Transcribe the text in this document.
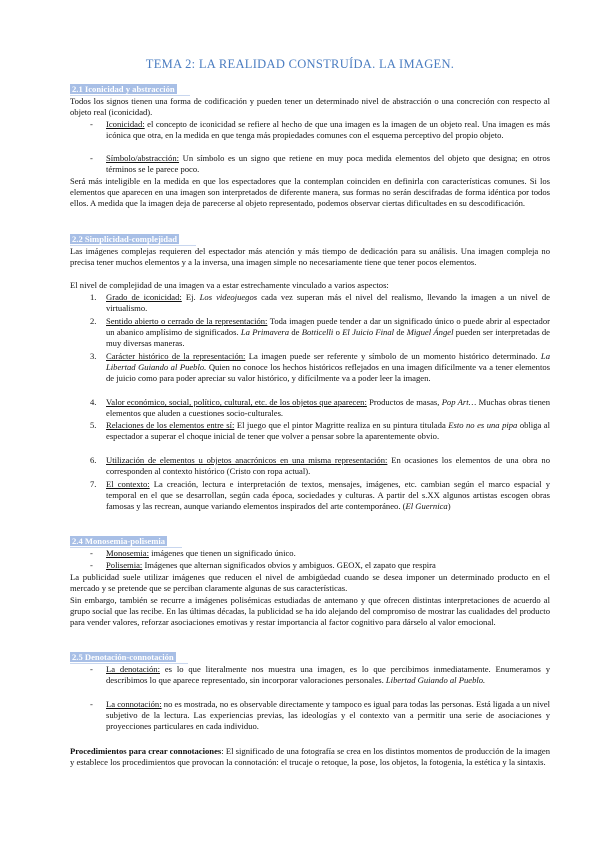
TEMA 2: LA REALIDAD CONSTRUÍDA. LA IMAGEN.
2.1 Iconicidad y abstracción
Todos los signos tienen una forma de codificación y pueden tener un determinado nivel de abstracción o una concreción con respecto al objeto real (iconicidad).
- Iconicidad: el concepto de iconicidad se refiere al hecho de que una imagen es la imagen de un objeto real. Una imagen es más icónica que otra, en la medida en que tenga más propiedades comunes con el esquema perceptivo del propio objeto.
- Símbolo/abstracción: Un símbolo es un signo que retiene en muy poca medida elementos del objeto que designa; en otros términos se le parece poco.
Será más inteligible en la medida en que los espectadores que la contemplan coinciden en definirla con características comunes. Si los elementos que aparecen en una imagen son interpretados de diferente manera, sus formas no serán descifradas de forma idéntica por todos ellos. A medida que la imagen deja de parecerse al objeto representado, podemos observar ciertas dificultades en su descodificación.
2.2 Simplicidad-complejidad
Las imágenes complejas requieren del espectador más atención y más tiempo de dedicación para su análisis. Una imagen compleja no precisa tener muchos elementos y a la inversa, una imagen simple no necesariamente tiene que tener pocos elementos.
El nivel de complejidad de una imagen va a estar estrechamente vinculado a varios aspectos:
1. Grado de iconicidad: Ej. Los videojuegos cada vez superan más el nivel del realismo, llevando la imagen a un nivel de virtualismo.
2. Sentido abierto o cerrado de la representación: Toda imagen puede tender a dar un significado único o puede abrir al espectador un abanico amplísimo de significados. La Primavera de Botticelli o El Juicio Final de Miguel Ángel pueden ser interpretadas de muy diversas maneras.
3. Carácter histórico de la representación: La imagen puede ser referente y símbolo de un momento histórico determinado. La Libertad Guiando al Pueblo. Quien no conoce los hechos históricos reflejados en una imagen difícilmente va a tener elementos de juicio como para poder apreciar su valor histórico, y difícilmente va a poder leer la imagen.
4. Valor económico, social, político, cultural, etc. de los objetos que aparecen: Productos de masas, Pop Art… Muchas obras tienen elementos que aluden a cuestiones socio-culturales.
5. Relaciones de los elementos entre sí: El juego que el pintor Magritte realiza en su pintura titulada Esto no es una pipa obliga al espectador a superar el choque inicial de tener que volver a pensar sobre la aparentemente obvio.
6. Utilización de elementos u objetos anacrónicos en una misma representación: En ocasiones los elementos de una obra no corresponden al contexto histórico (Cristo con ropa actual).
7. El contexto: La creación, lectura e interpretación de textos, mensajes, imágenes, etc. cambian según el marco espacial y temporal en el que se desarrollan, según cada época, sociedades y culturas. A partir del s.XX algunos artistas escogen obras famosas y las recrean, aunque variando elementos inspirados del arte contemporáneo. (El Guernica)
2.4 Monosemia-polisemia
- Monosemia: imágenes que tienen un significado único.
- Polisemia: Imágenes que alternan significados obvios y ambiguos. GEOX, el zapato que respira
La publicidad suele utilizar imágenes que reducen el nivel de ambigüedad cuando se desea imponer un determinado producto en el mercado y se pretende que se perciban claramente algunas de sus características.
Sin embargo, también se recurre a imágenes polisémicas estudiadas de antemano y que ofrecen distintas interpretaciones de acuerdo al grupo social que las recibe. En las últimas décadas, la publicidad se ha ido alejando del compromiso de mostrar las cualidades del producto para vender valores, reforzar asociaciones emotivas y restar importancia al factor cognitivo para dárselo al valor emocional.
2.5 Denotación-connotación
- La denotación: es lo que literalmente nos muestra una imagen, es lo que percibimos inmediatamente. Enumeramos y describimos lo que aparece representado, sin incorporar valoraciones personales. Libertad Guiando al Pueblo.
- La connotación: no es mostrada, no es observable directamente y tampoco es igual para todas las personas. Está ligada a un nivel subjetivo de la lectura. Las experiencias previas, las ideologías y el contexto van a permitir una serie de asociaciones y proyecciones particulares en cada individuo.
Procedimientos para crear connotaciones: El significado de una fotografía se crea en los distintos momentos de producción de la imagen y establece los procedimientos que provocan la connotación: el trucaje o retoque, la pose, los objetos, la fotogenia, la estética y la sintaxis.
